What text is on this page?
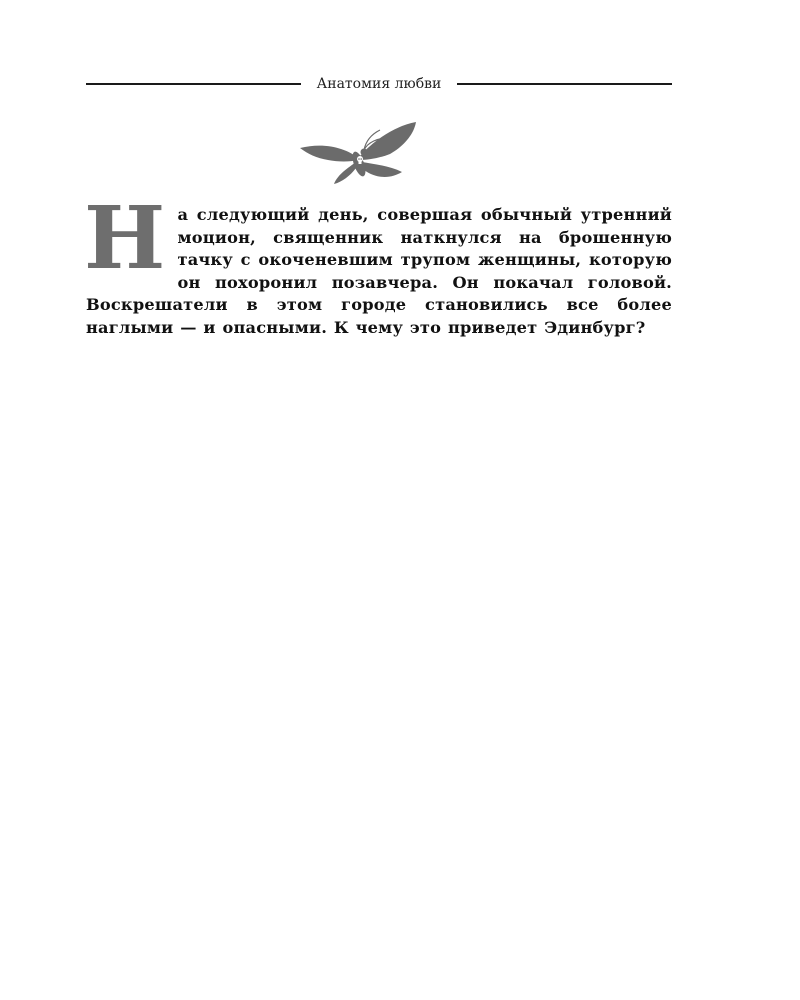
Анатомия любви
Н а следующий день, совершая обычный утренний моцион, священник наткнулся на брошенную тачку с окоченевшим трупом женщины, которую он похоронил позавчера. Он покачал головой. Воскрешатели в этом городе становились все более наглыми — и опасными. К чему это приведет Эдинбург?
